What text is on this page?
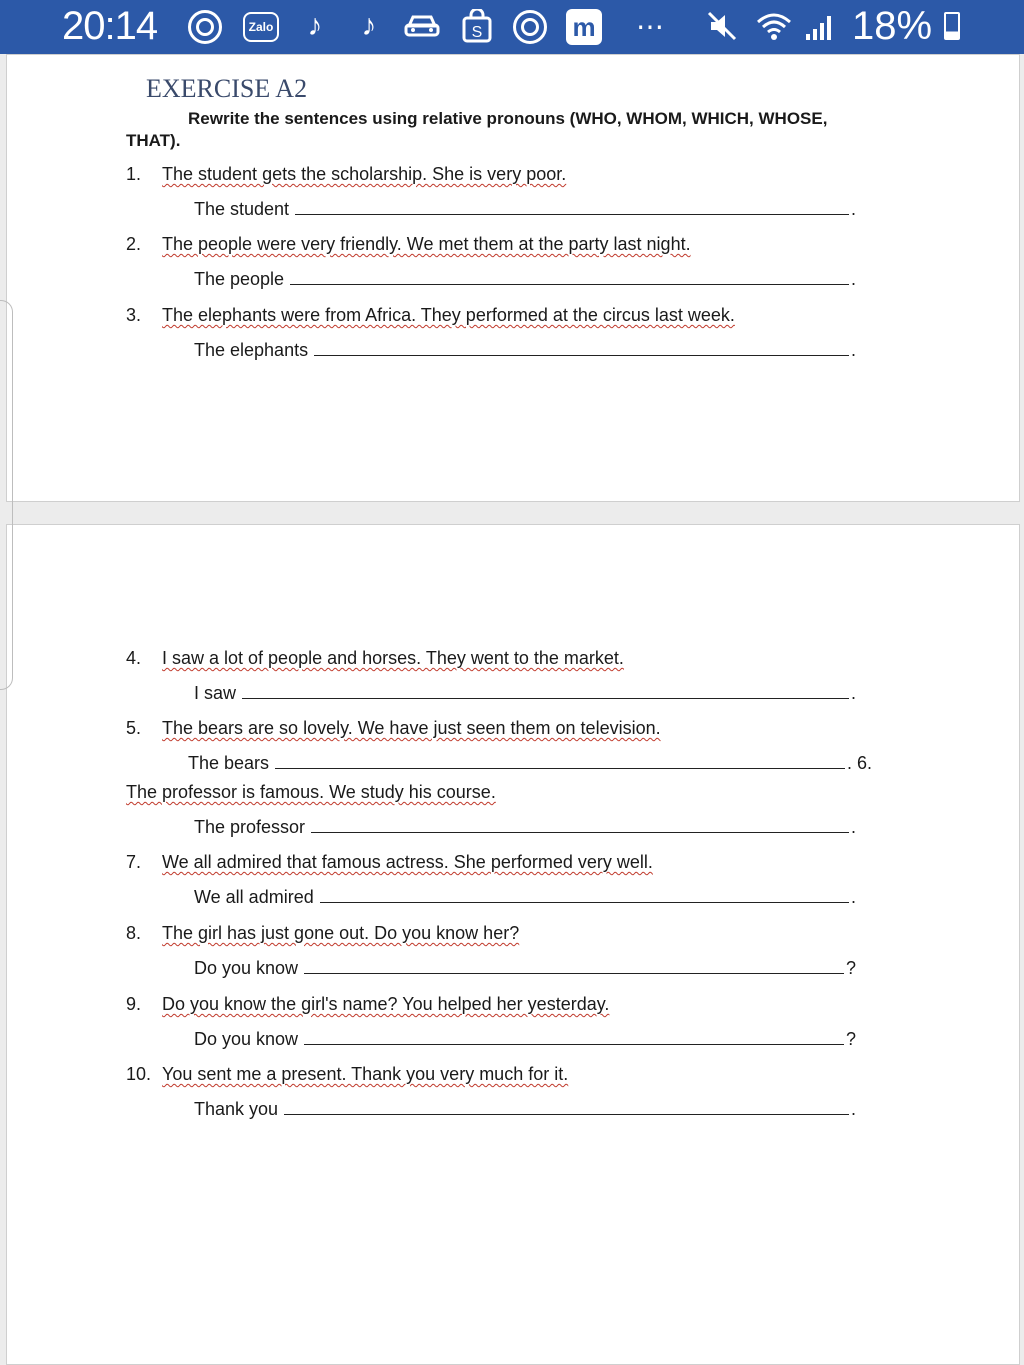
20:14	Zalo ♪ ♪	S	m ⋯	18%
EXERCISE A2
Rewrite the sentences using relative pronouns (WHO, WHOM, WHICH, WHOSE, THAT).
1. The student gets the scholarship. She is very poor.
The student	.
2. The people were very friendly. We met them at the party last night.
The people	.
3. The elephants were from Africa. They performed at the circus last week.
The elephants	.
4. I saw a lot of people and horses. They went to the market.
I saw	.
5. The bears are so lovely. We have just seen them on television.
The bears	. 6.
The professor is famous. We study his course.
The professor	.
7. We all admired that famous actress. She performed very well.
We all admired	.
8. The girl has just gone out. Do you know her?
Do you know	?
9. Do you know the girl's name? You helped her yesterday.
Do you know	?
10. You sent me a present. Thank you very much for it.
Thank you	.
